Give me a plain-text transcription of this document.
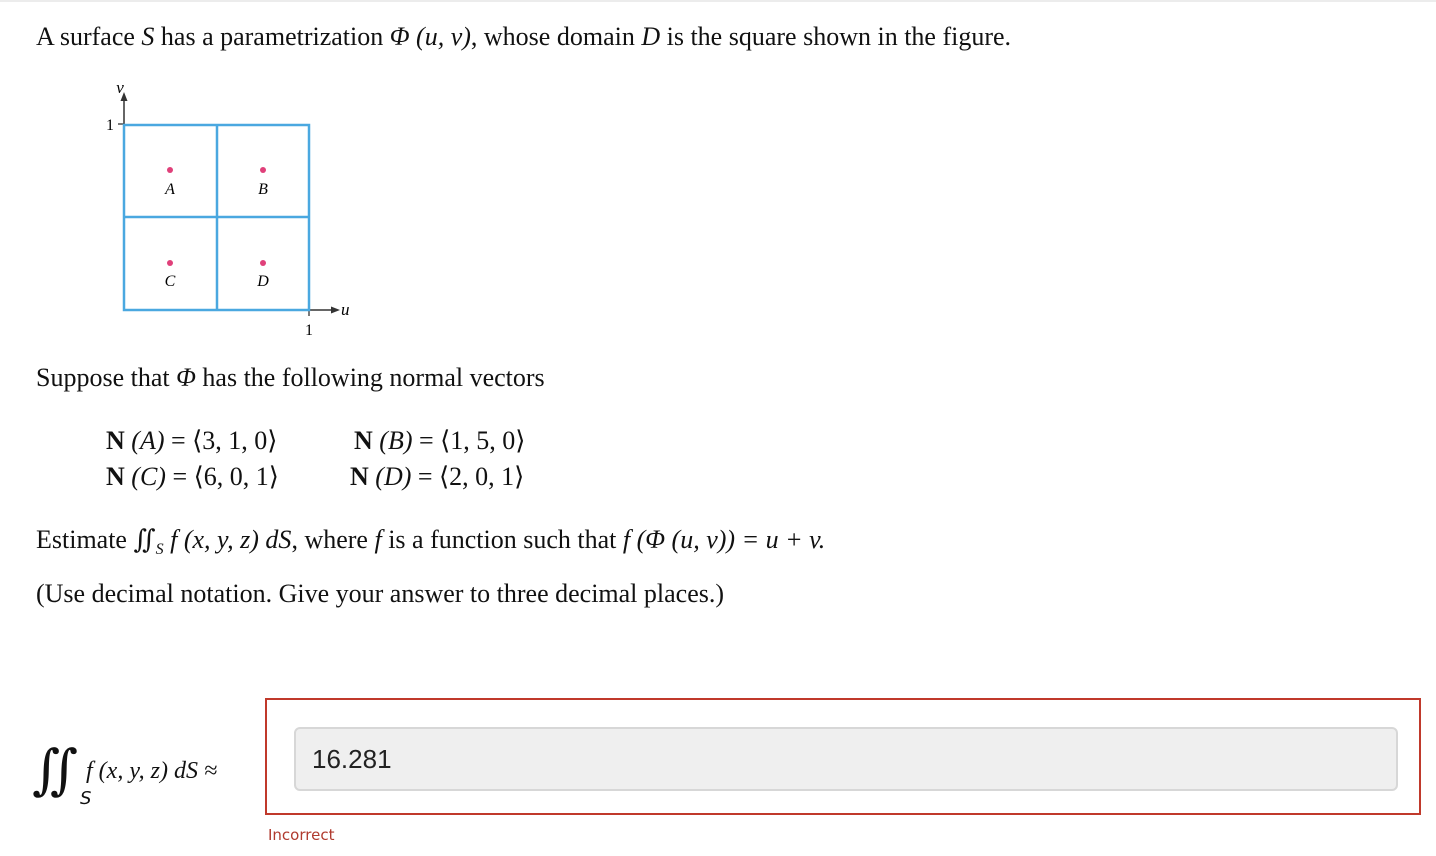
A surface S has a parametrization Φ (u, v), whose domain D is the square shown in the figure.
v
u
1
1
A	B
C	D
Suppose that Φ has the following normal vectors
N (A) = ⟨3, 1, 0⟩	N (B) = ⟨1, 5, 0⟩
N (C) = ⟨6, 0, 1⟩	N (D) = ⟨2, 0, 1⟩
Estimate $∬_S$ f (x, y, z) dS, where f is a function such that f (Φ (u, v)) = u + v.
(Use decimal notation. Give your answer to three decimal places.)
∬ S
f (x, y, z) dS ≈
16.281
Incorrect
